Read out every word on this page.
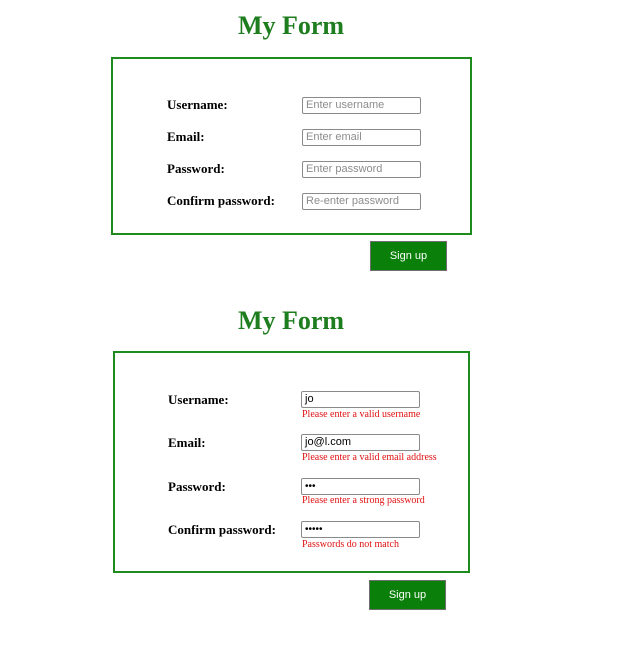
My Form
Username:	Enter username
Email:	Enter email
Password:	Enter password
Confirm password:	Re-enter password
Sign up
My Form
Username:	jo
Please enter a valid username
Email:	jo@l.com
Please enter a valid email address
Password:	•••
Please enter a strong password
Confirm password:	•••••
Passwords do not match
Sign up
